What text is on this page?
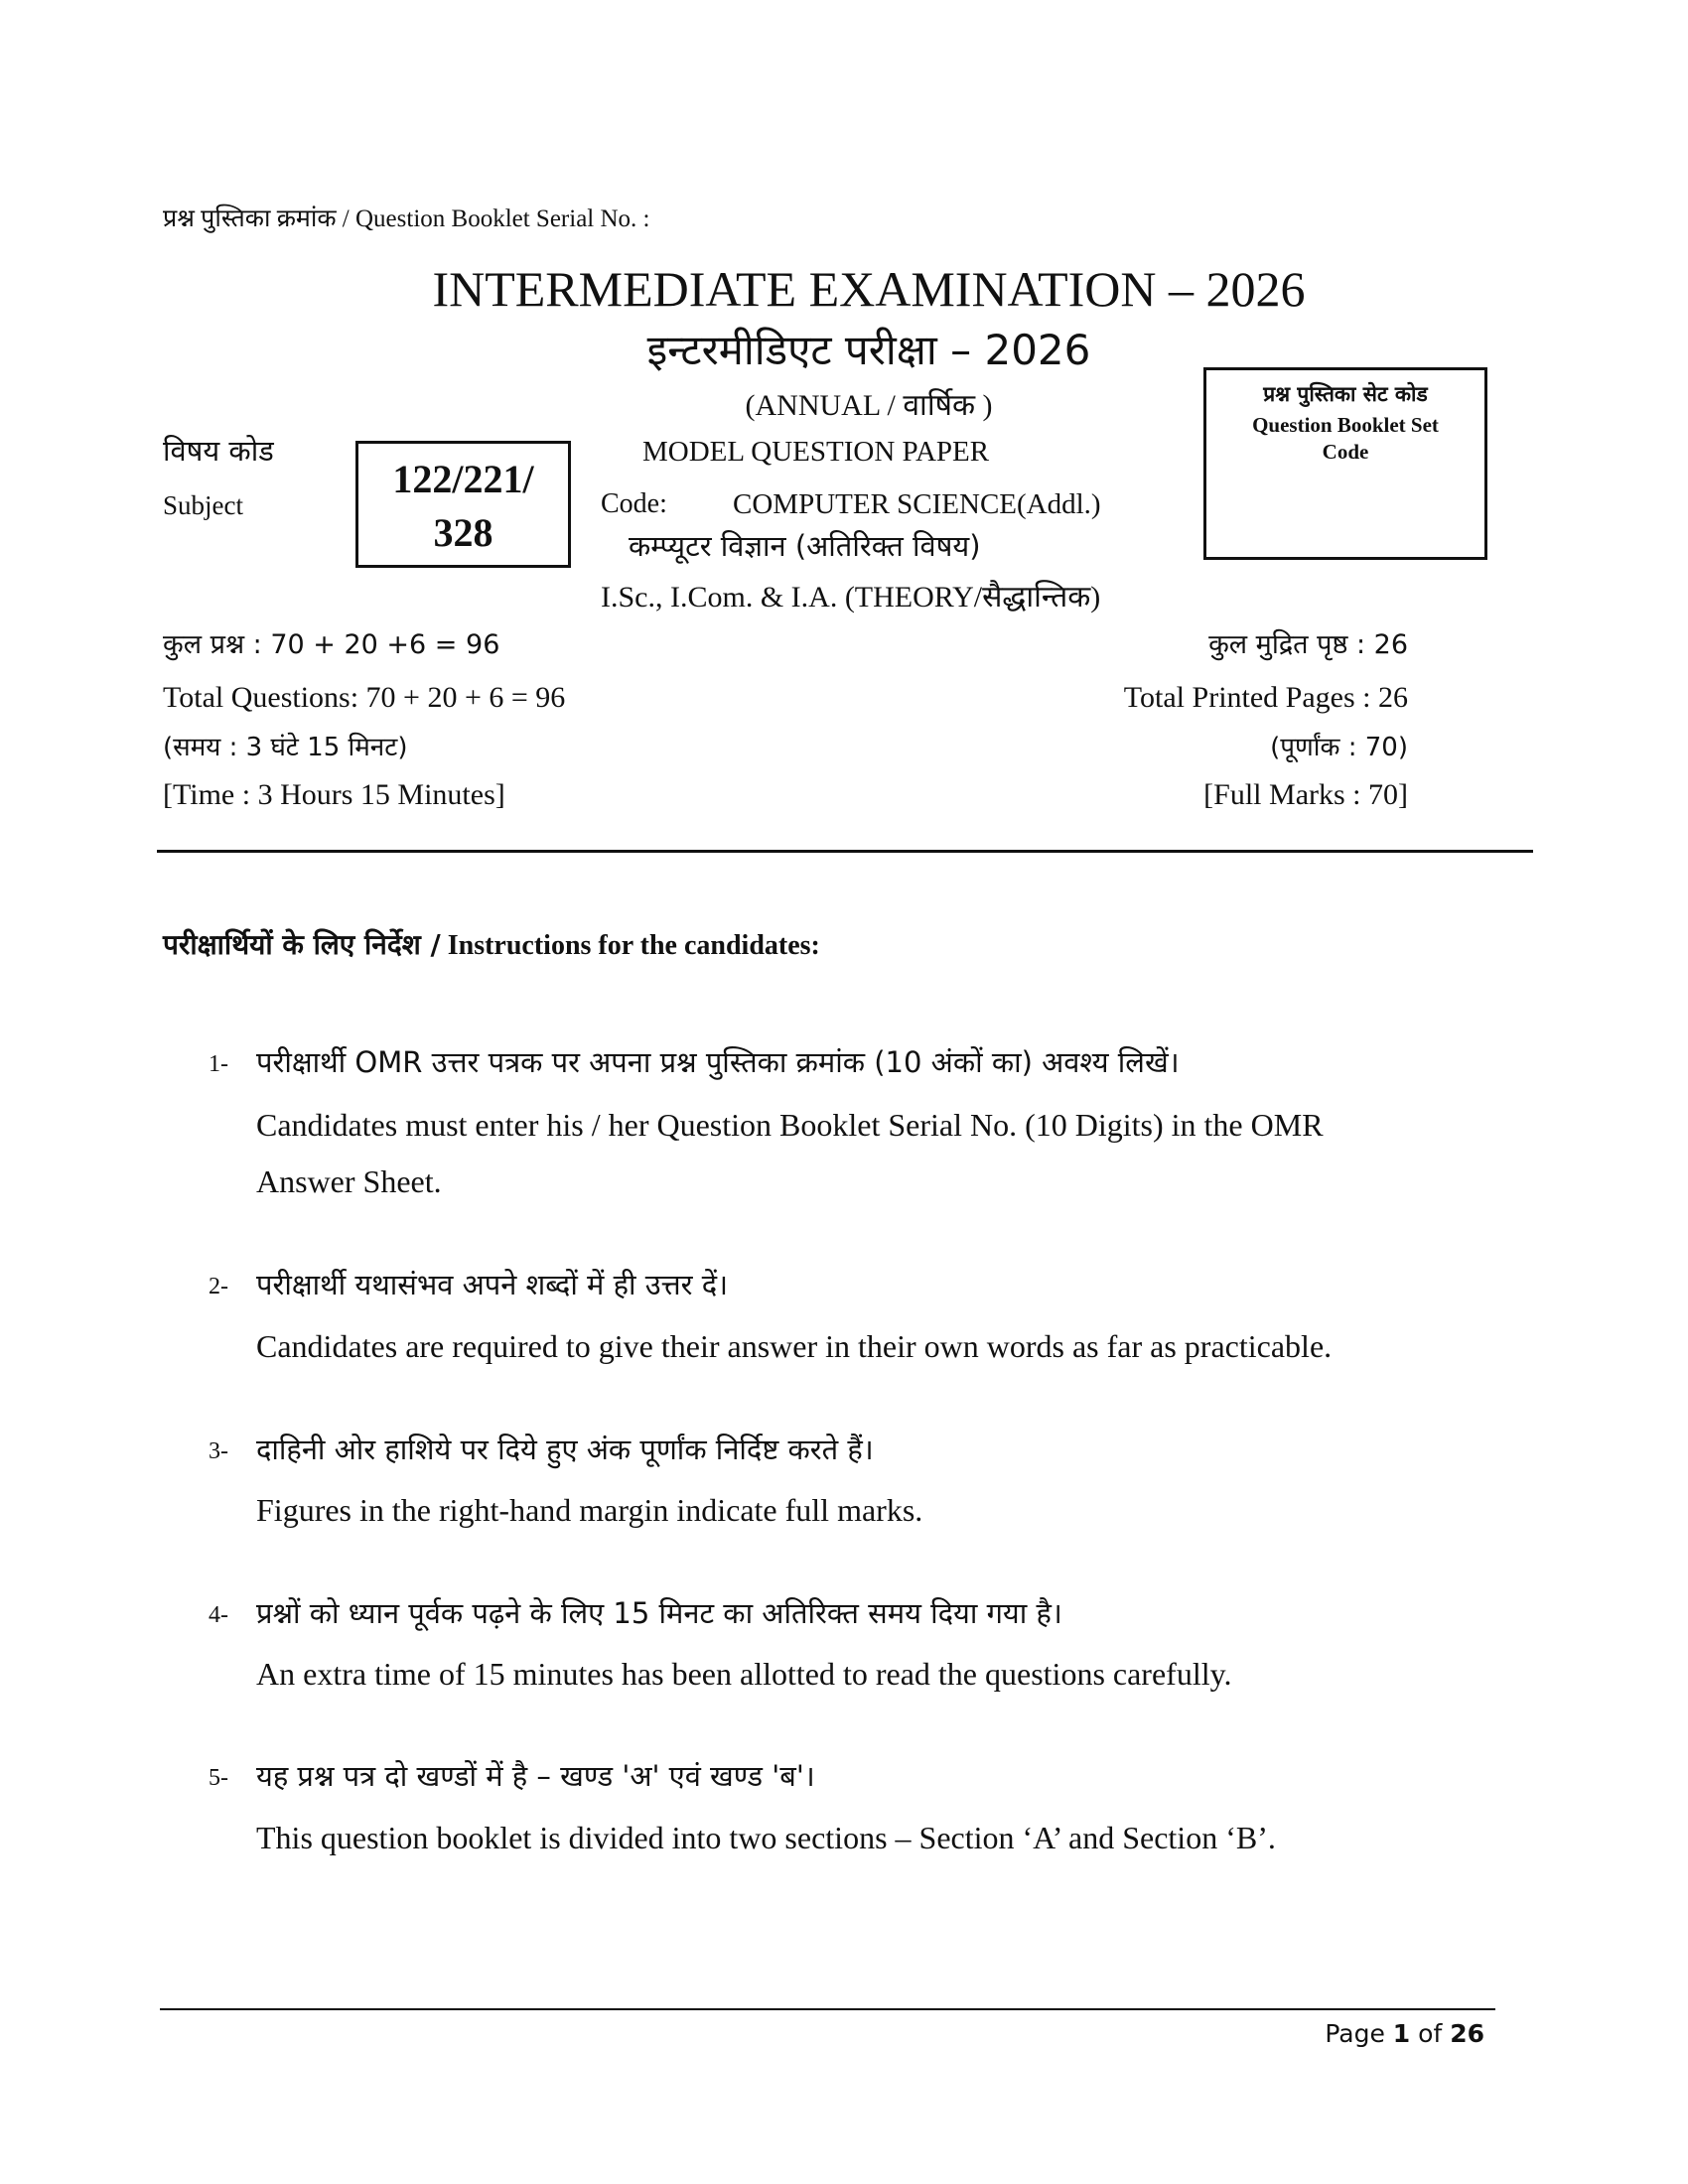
प्रश्न पुस्तिका क्रमांक / Question Booklet Serial No. :
INTERMEDIATE EXAMINATION – 2026
इन्टरमीडिएट परीक्षा – 2026
(ANNUAL / वार्षिक )	प्रश्न पुस्तिका सेट कोड
Question Booklet Set
Code
विषय कोड
Subject
122/221/
328
MODEL QUESTION PAPER
Code: COMPUTER SCIENCE(Addl.)
कम्प्यूटर विज्ञान (अतिरिक्त विषय)
I.Sc., I.Com. & I.A. (THEORY/सैद्धान्तिक)
कुल प्रश्न : 70 + 20 +6 = 96
Total Questions: 70 + 20 + 6 = 96
(समय : 3 घंटे 15 मिनट)
[Time : 3 Hours 15 Minutes]
कुल मुद्रित पृष्ठ : 26
Total Printed Pages : 26
(पूर्णांक : 70)
[Full Marks : 70]
परीक्षार्थियों के लिए निर्देश / Instructions for the candidates:
1- परीक्षार्थी OMR उत्तर पत्रक पर अपना प्रश्न पुस्तिका क्रमांक (10 अंकों का) अवश्य लिखें।
Candidates must enter his / her Question Booklet Serial No. (10 Digits) in the OMR
Answer Sheet.
2- परीक्षार्थी यथासंभव अपने शब्दों में ही उत्तर दें।
Candidates are required to give their answer in their own words as far as practicable.
3- दाहिनी ओर हाशिये पर दिये हुए अंक पूर्णांक निर्दिष्ट करते हैं।
Figures in the right-hand margin indicate full marks.
4- प्रश्नों को ध्यान पूर्वक पढ़ने के लिए 15 मिनट का अतिरिक्त समय दिया गया है।
An extra time of 15 minutes has been allotted to read the questions carefully.
5- यह प्रश्न पत्र दो खण्डों में है – खण्ड 'अ' एवं खण्ड 'ब'।
This question booklet is divided into two sections – Section ‘A’ and Section ‘B’.
Page 1 of 26
